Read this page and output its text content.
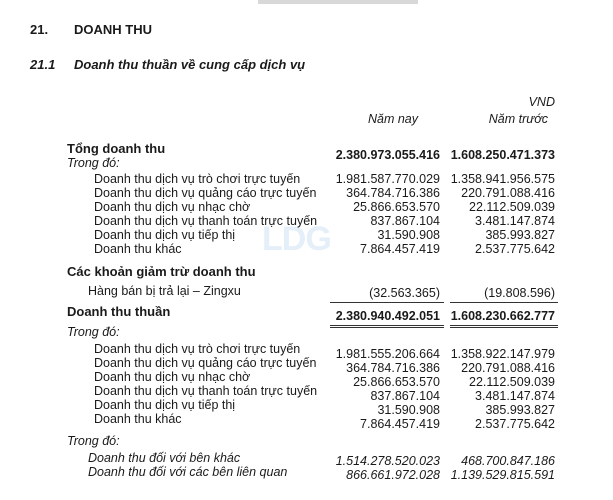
LDG
21. DOANH THU
21.1 Doanh thu thuần về cung cấp dịch vụ
VND
Năm nay	Năm trước
Tổng doanh thu	2.380.973.055.416 1.608.250.471.373
Trong đó:
Doanh thu dịch vụ trò chơi trực tuyến	1.981.587.770.029 1.358.941.956.575
Doanh thu dịch vụ quảng cáo trực tuyến 364.784.716.386 220.791.088.416
Doanh thu dịch vụ nhạc chờ	25.866.653.570 22.112.509.039
Doanh thu dịch vụ thanh toán trực tuyến	837.867.104	3.481.147.874
Doanh thu dịch vụ tiếp thị	31.590.908	385.993.827
Doanh thu khác	7.864.457.419	2.537.775.642
Các khoản giảm trừ doanh thu
Hàng bán bị trả lại – Zingxu	(32.563.365)	(19.808.596)
Doanh thu thuần	2.380.940.492.051 1.608.230.662.777
Trong đó:
Doanh thu dịch vụ trò chơi trực tuyến	1.981.555.206.664 1.358.922.147.979
Doanh thu dịch vụ quảng cáo trực tuyến 364.784.716.386 220.791.088.416
Doanh thu dịch vụ nhạc chờ	25.866.653.570 22.112.509.039
Doanh thu dịch vụ thanh toán trực tuyến	837.867.104	3.481.147.874
Doanh thu dịch vụ tiếp thị	31.590.908	385.993.827
Doanh thu khác	7.864.457.419	2.537.775.642
Trong đó:
Doanh thu đối với bên khác	1.514.278.520.023 468.700.847.186
Doanh thu đối với các bên liên quan	866.661.972.028 1.139.529.815.591
